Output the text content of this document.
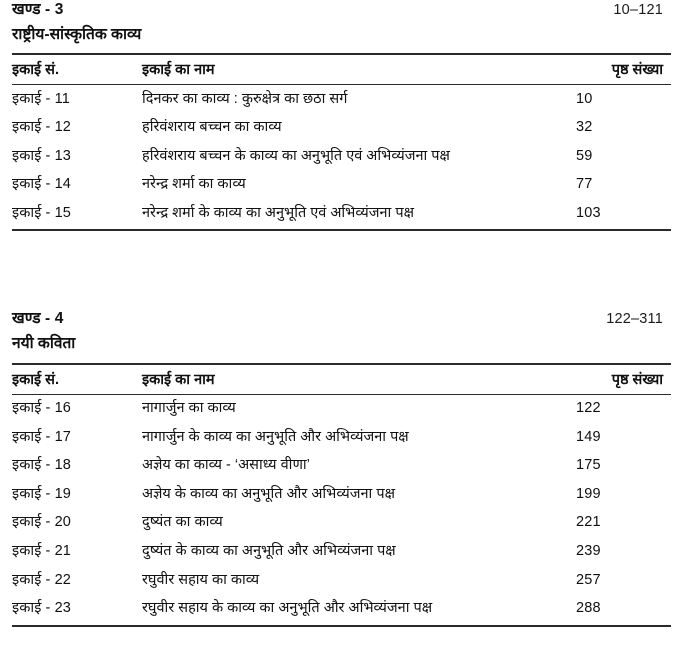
खण्ड - 3	10–121
राष्ट्रीय-सांस्कृतिक काव्य
इकाई सं.	इकाई का नाम	पृष्ठ संख्या
इकाई - 11	दिनकर का काव्य : कुरुक्षेत्र का छठा सर्ग	10
इकाई - 12	हरिवंशराय बच्चन का काव्य	32
इकाई - 13	हरिवंशराय बच्चन के काव्य का अनुभूति एवं अभिव्यंजना पक्ष	59
इकाई - 14	नरेन्द्र शर्मा का काव्य	77
इकाई - 15	नरेन्द्र शर्मा के काव्य का अनुभूति एवं अभिव्यंजना पक्ष	103
खण्ड - 4	122–311
नयी कविता
इकाई सं.	इकाई का नाम	पृष्ठ संख्या
इकाई - 16	नागार्जुन का काव्य	122
इकाई - 17	नागार्जुन के काव्य का अनुभूति और अभिव्यंजना पक्ष	149
इकाई - 18	अज्ञेय का काव्य - ‘असाध्य वीणा’	175
इकाई - 19	अज्ञेय के काव्य का अनुभूति और अभिव्यंजना पक्ष	199
इकाई - 20	दुष्यंत का काव्य	221
इकाई - 21	दुष्यंत के काव्य का अनुभूति और अभिव्यंजना पक्ष	239
इकाई - 22	रघुवीर सहाय का काव्य	257
इकाई - 23	रघुवीर सहाय के काव्य का अनुभूति और अभिव्यंजना पक्ष	288
